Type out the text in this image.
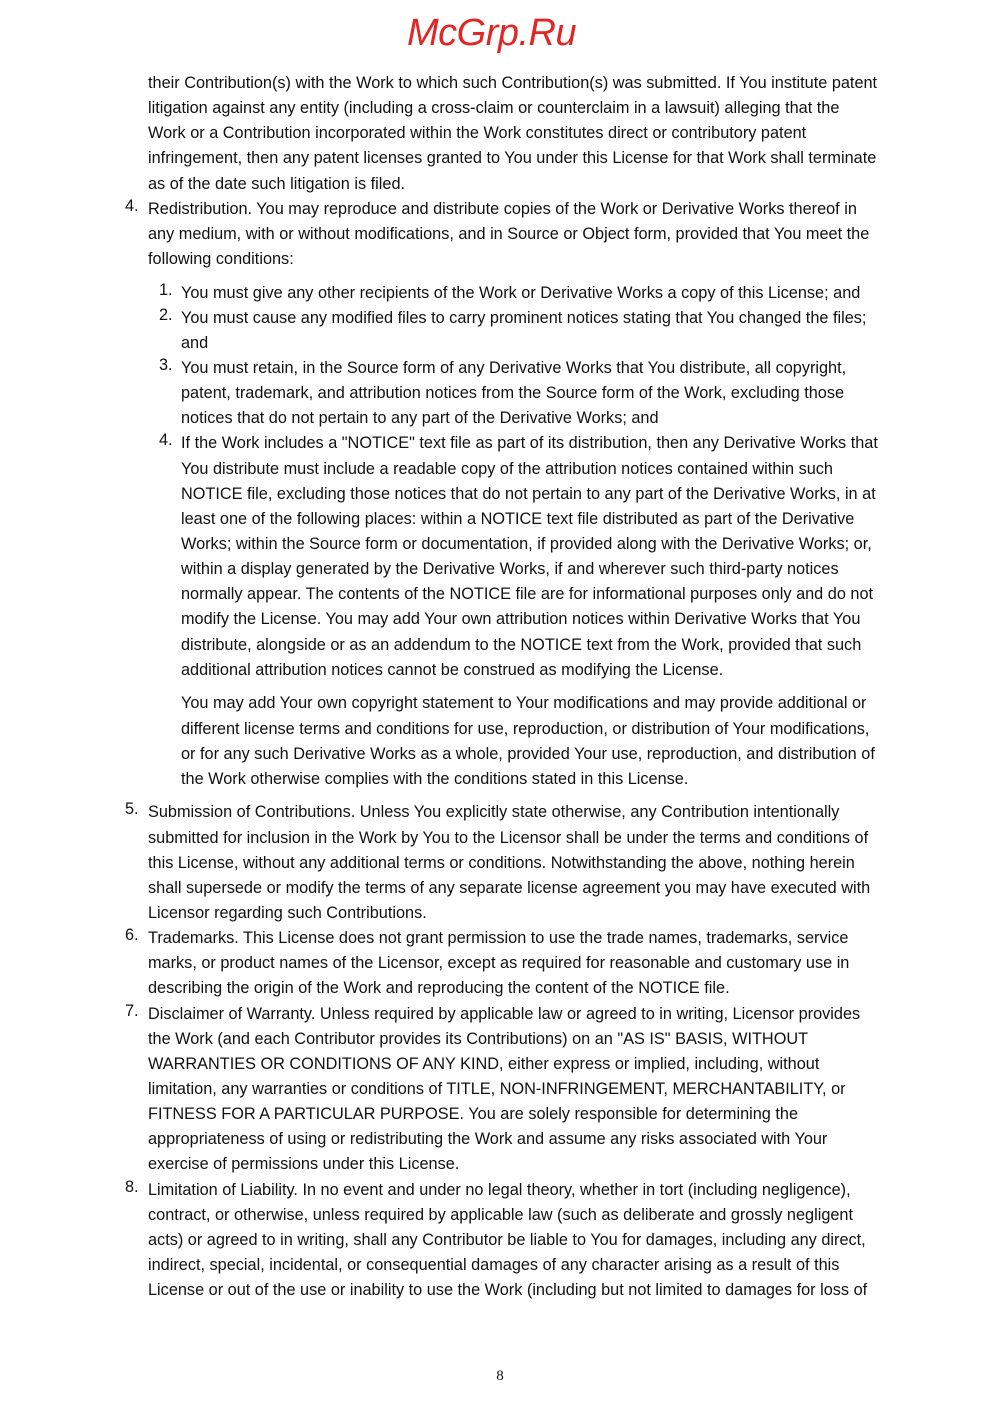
McGrp.Ru
their Contribution(s) with the Work to which such Contribution(s) was submitted. If You institute patent
litigation against any entity (including a cross-claim or counterclaim in a lawsuit) alleging that the
Work or a Contribution incorporated within the Work constitutes direct or contributory patent
infringement, then any patent licenses granted to You under this License for that Work shall terminate
as of the date such litigation is filed.
4. Redistribution. You may reproduce and distribute copies of the Work or Derivative Works thereof in
any medium, with or without modifications, and in Source or Object form, provided that You meet the
following conditions:
1. You must give any other recipients of the Work or Derivative Works a copy of this License; and
2. You must cause any modified files to carry prominent notices stating that You changed the files;
and
3. You must retain, in the Source form of any Derivative Works that You distribute, all copyright,
patent, trademark, and attribution notices from the Source form of the Work, excluding those
notices that do not pertain to any part of the Derivative Works; and
4. If the Work includes a "NOTICE" text file as part of its distribution, then any Derivative Works that
You distribute must include a readable copy of the attribution notices contained within such
NOTICE file, excluding those notices that do not pertain to any part of the Derivative Works, in at
least one of the following places: within a NOTICE text file distributed as part of the Derivative
Works; within the Source form or documentation, if provided along with the Derivative Works; or,
within a display generated by the Derivative Works, if and wherever such third-party notices
normally appear. The contents of the NOTICE file are for informational purposes only and do not
modify the License. You may add Your own attribution notices within Derivative Works that You
distribute, alongside or as an addendum to the NOTICE text from the Work, provided that such
additional attribution notices cannot be construed as modifying the License.
You may add Your own copyright statement to Your modifications and may provide additional or
different license terms and conditions for use, reproduction, or distribution of Your modifications,
or for any such Derivative Works as a whole, provided Your use, reproduction, and distribution of
the Work otherwise complies with the conditions stated in this License.
5. Submission of Contributions. Unless You explicitly state otherwise, any Contribution intentionally
submitted for inclusion in the Work by You to the Licensor shall be under the terms and conditions of
this License, without any additional terms or conditions. Notwithstanding the above, nothing herein
shall supersede or modify the terms of any separate license agreement you may have executed with
Licensor regarding such Contributions.
6. Trademarks. This License does not grant permission to use the trade names, trademarks, service
marks, or product names of the Licensor, except as required for reasonable and customary use in
describing the origin of the Work and reproducing the content of the NOTICE file.
7. Disclaimer of Warranty. Unless required by applicable law or agreed to in writing, Licensor provides
the Work (and each Contributor provides its Contributions) on an "AS IS" BASIS, WITHOUT
WARRANTIES OR CONDITIONS OF ANY KIND, either express or implied, including, without
limitation, any warranties or conditions of TITLE, NON-INFRINGEMENT, MERCHANTABILITY, or
FITNESS FOR A PARTICULAR PURPOSE. You are solely responsible for determining the
appropriateness of using or redistributing the Work and assume any risks associated with Your
exercise of permissions under this License.
8. Limitation of Liability. In no event and under no legal theory, whether in tort (including negligence),
contract, or otherwise, unless required by applicable law (such as deliberate and grossly negligent
acts) or agreed to in writing, shall any Contributor be liable to You for damages, including any direct,
indirect, special, incidental, or consequential damages of any character arising as a result of this
License or out of the use or inability to use the Work (including but not limited to damages for loss of
8
